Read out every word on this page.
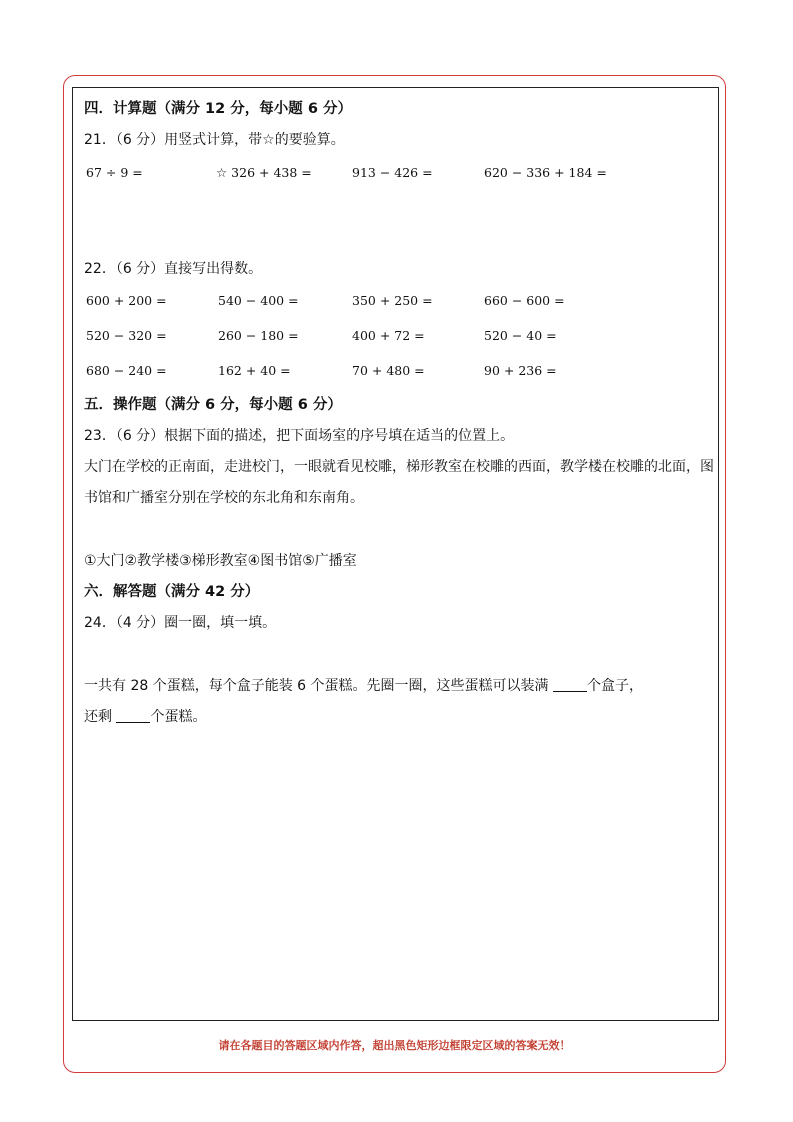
四．计算题（满分 12 分，每小题 6 分）
21．（6 分）用竖式计算，带☆的要验算。
67 ÷ 9 =	☆ 326 + 438 =	913 − 426 =	620 − 336 + 184 =
22．（6 分）直接写出得数。
600 + 200 =	540 − 400 =	350 + 250 =	660 − 600 =
520 − 320 =	260 − 180 =	400 + 72 =	520 − 40 =
680 − 240 =	162 + 40 =	70 + 480 =	90 + 236 =
五．操作题（满分 6 分，每小题 6 分）
23．（6 分）根据下面的描述，把下面场室的序号填在适当的位置上。
大门在学校的正南面，走进校门，一眼就看见校雕，梯形教室在校雕的西面，教学楼在校雕的北面，图书馆和广播室分别在学校的东北角和东南角。
①大门②教学楼③梯形教室④图书馆⑤广播室
六．解答题（满分 42 分）
24．（4 分）圈一圈，填一填。
一共有 28 个蛋糕，每个盒子能装 6 个蛋糕。先圈一圈，这些蛋糕可以装满 个盒子，
还剩 个蛋糕。
请在各题目的答题区域内作答，超出黑色矩形边框限定区域的答案无效！
